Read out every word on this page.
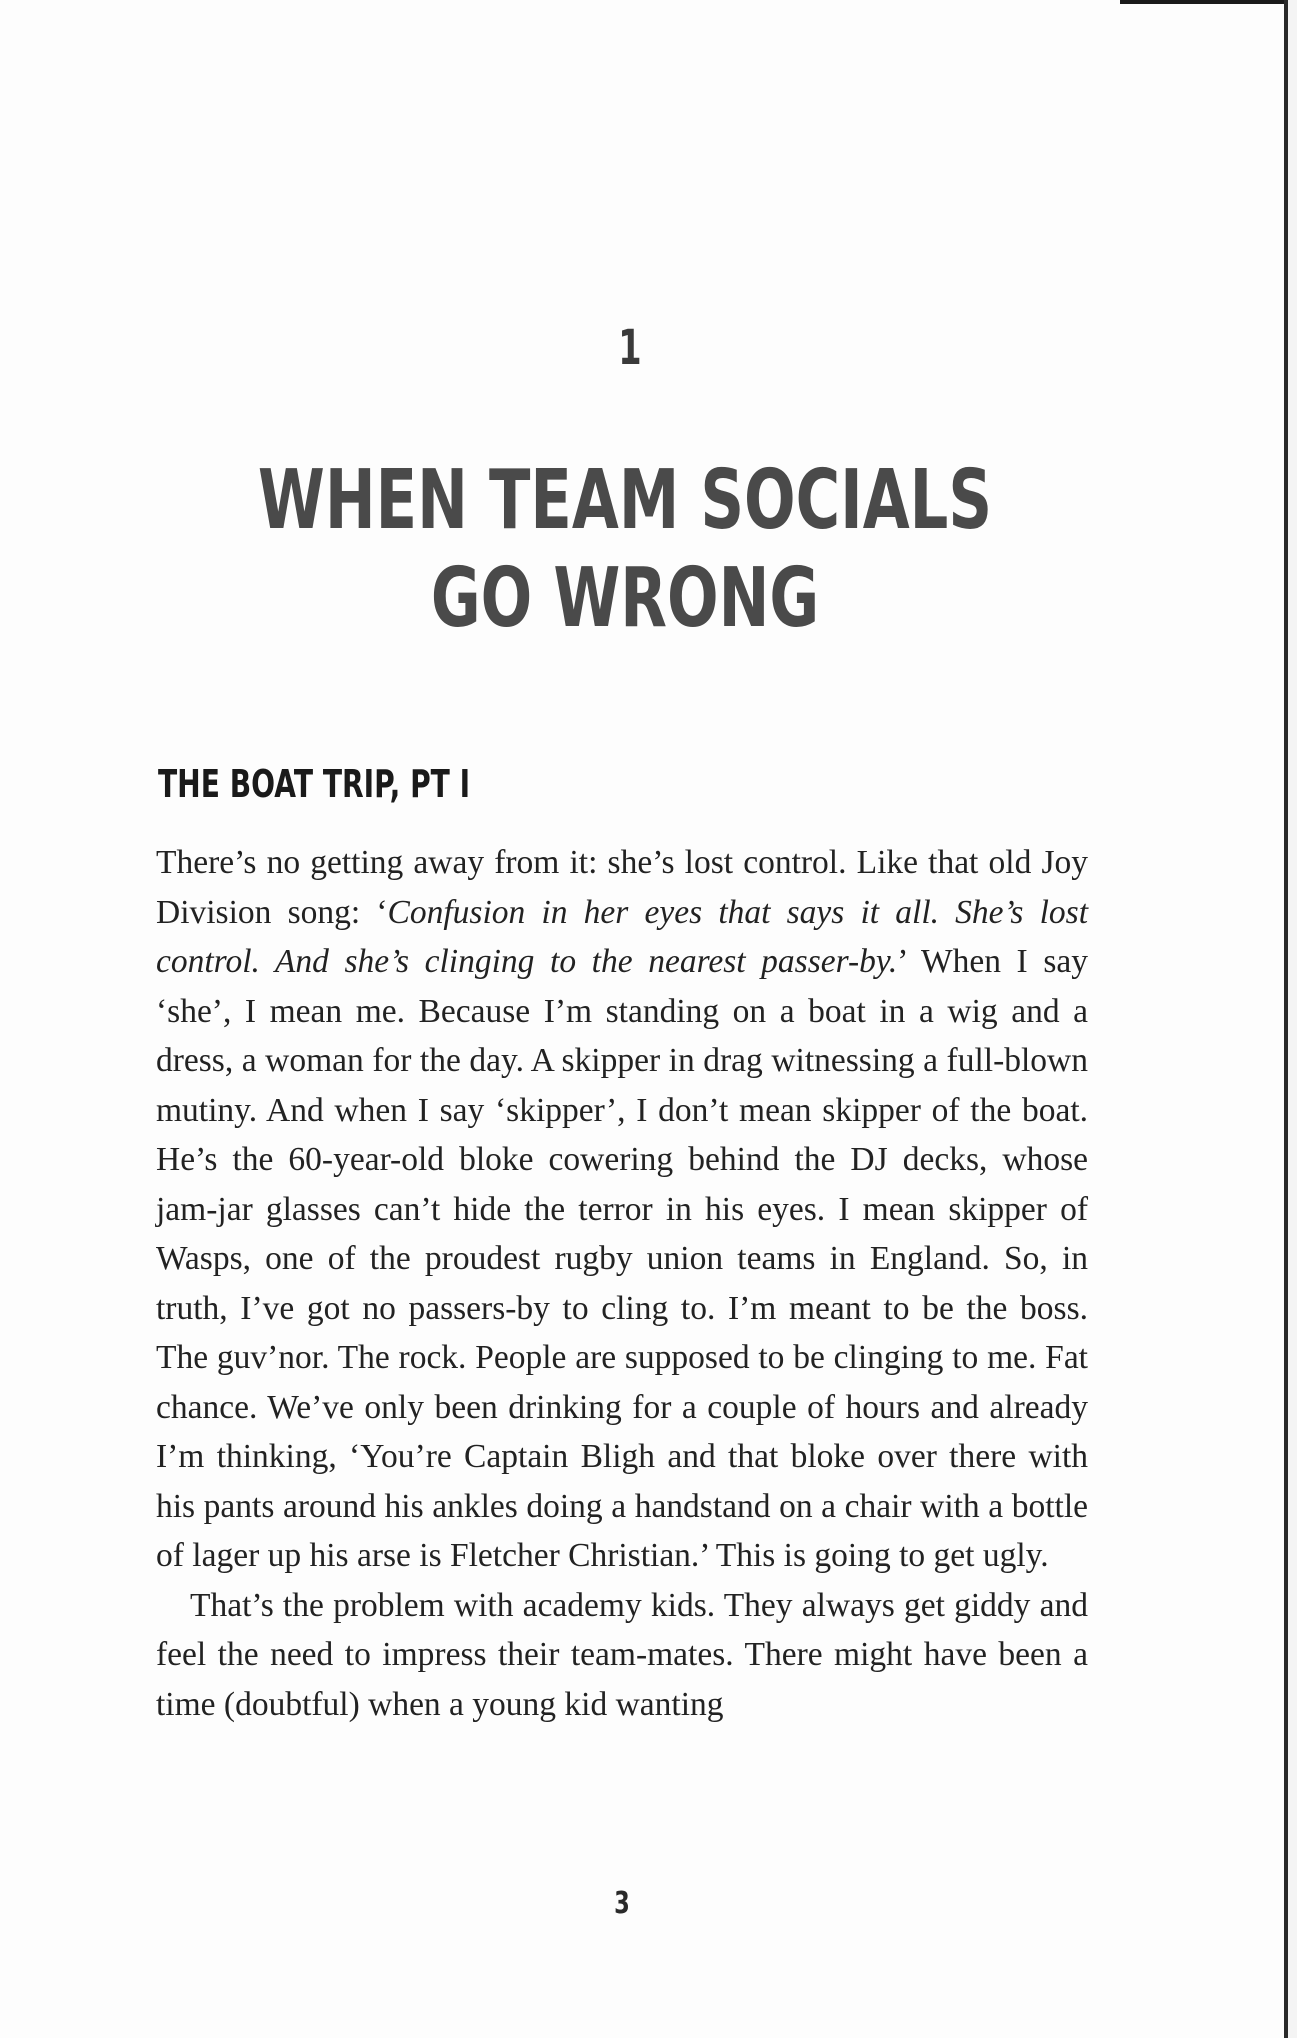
1
WHEN TEAM SOCIALS
GO WRONG
THE BOAT TRIP, PT I

There’s no getting away from it: she’s lost control. Like that old Joy Division song: ‘Confusion in her eyes that says it all. She’s lost control. And she’s clinging to the nearest passer-by.’ When I say ‘she’, I mean me. Because I’m standing on a boat in a wig and a dress, a woman for the day. A skipper in drag witnessing a full-blown mutiny. And when I say ‘skipper’, I don’t mean skipper of the boat. He’s the 60-year-old bloke cowering behind the DJ decks, whose jam-jar glasses can’t hide the terror in his eyes. I mean skipper of Wasps, one of the proudest rugby union teams in England. So, in truth, I’ve got no passers-by to cling to. I’m meant to be the boss. The guv’nor. The rock. People are supposed to be clinging to me. Fat chance. We’ve only been drinking for a couple of hours and already I’m thinking, ‘You’re Captain Bligh and that bloke over there with his pants around his ankles doing a handstand on a chair with a bottle of lager up his arse is Fletcher Christian.’ This is going to get ugly.

That’s the problem with academy kids. They always get giddy and feel the need to impress their team-mates. There might have been a time (doubtful) when a young kid wanting

3
